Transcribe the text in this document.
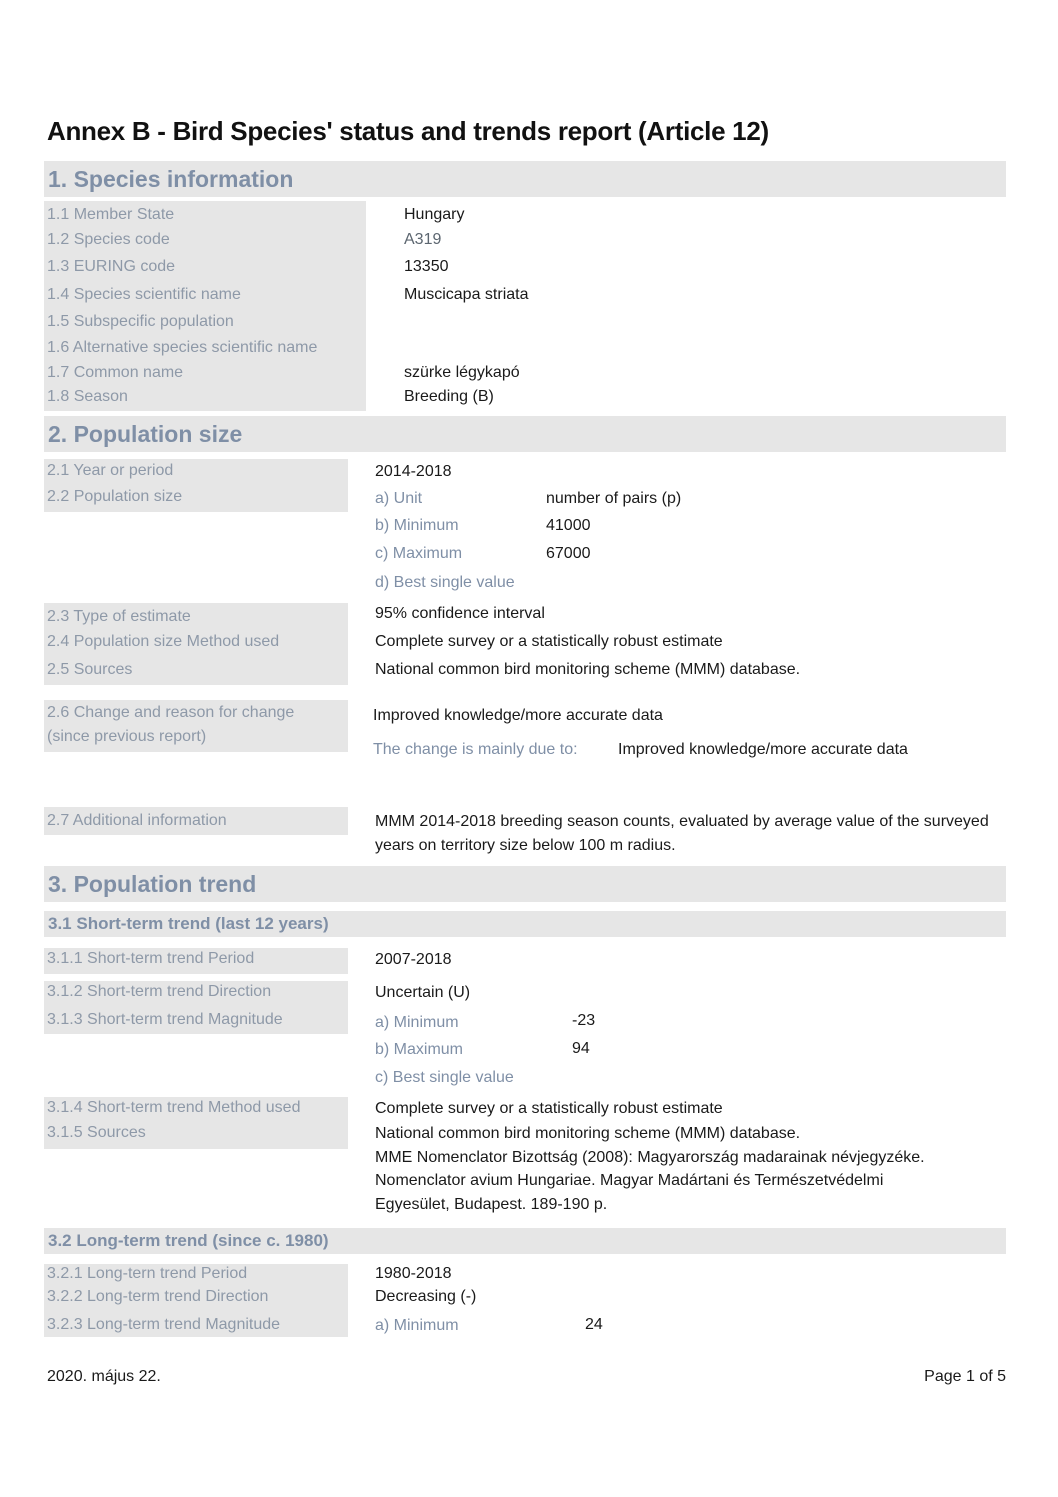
Annex B - Bird Species' status and trends report (Article 12)
1. Species information
1.1 Member State	Hungary
1.2 Species code	A319
1.3 EURING code	13350
1.4 Species scientific name	Muscicapa striata
1.5 Subspecific population
1.6 Alternative species scientific name
1.7 Common name	szürke légykapó
1.8 Season	Breeding (B)
2. Population size
2.1 Year or period	2014-2018
2.2 Population size	a) Unit	number of pairs (p)
b) Minimum	41000
c) Maximum	67000
d) Best single value
2.3 Type of estimate	95% confidence interval
2.4 Population size Method used	Complete survey or a statistically robust estimate
2.5 Sources	National common bird monitoring scheme (MMM) database.
2.6 Change and reason for change
(since previous report)
Improved knowledge/more accurate data
The change is mainly due to:	Improved knowledge/more accurate data
2.7 Additional information	MMM 2014-2018 breeding season counts, evaluated by average value of the surveyed years on territory size below 100 m radius.
3. Population trend
3.1 Short-term trend (last 12 years)
3.1.1 Short-term trend Period	2007-2018
3.1.2 Short-term trend Direction	Uncertain (U)
3.1.3 Short-term trend Magnitude	a) Minimum	-23
b) Maximum	94
c) Best single value
3.1.4 Short-term trend Method used	Complete survey or a statistically robust estimate
3.1.5 Sources	National common bird monitoring scheme (MMM) database.
MME Nomenclator Bizottság (2008): Magyarország madarainak névjegyzéke.
Nomenclator avium Hungariae. Magyar Madártani és Természetvédelmi
Egyesület, Budapest. 189-190 p.
3.2 Long-term trend (since c. 1980)
3.2.1 Long-tern trend Period	1980-2018
3.2.2 Long-term trend Direction	Decreasing (-)
3.2.3 Long-term trend Magnitude	a) Minimum	24
2020. május 22.	Page 1 of 5
